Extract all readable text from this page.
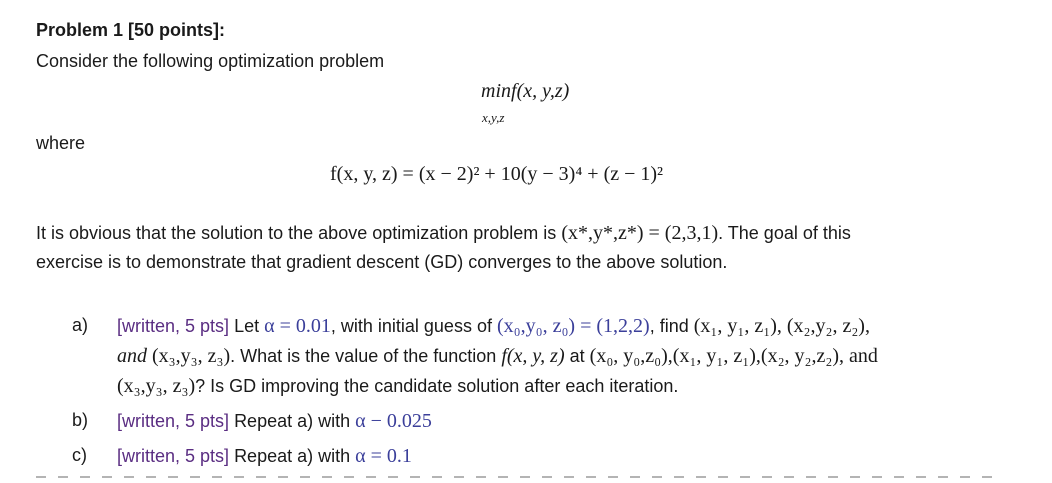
Problem 1 [50 points]:
Consider the following optimization problem
minf(x, y,z)
x,y,z
where
f(x, y, z) = (x − 2)² + 10(y − 3)⁴ + (z − 1)²
It is obvious that the solution to the above optimization problem is (x*,y*,z*) = (2,3,1). The goal of this
exercise is to demonstrate that gradient descent (GD) converges to the above solution.
a) [written, 5 pts] Let α = 0.01, with initial guess of (x₀,y₀, z₀) = (1,2,2), find (x₁, y₁, z₁), (x₂,y₂, z₂),
and (x₃,y₃, z₃). What is the value of the function f(x, y, z) at (x₀, y₀,z₀),(x₁, y₁, z₁),(x₂, y₂,z₂), and
(x₃,y₃, z₃)? Is GD improving the candidate solution after each iteration.
b) [written, 5 pts] Repeat a) with α − 0.025
c) [written, 5 pts] Repeat a) with α = 0.1
